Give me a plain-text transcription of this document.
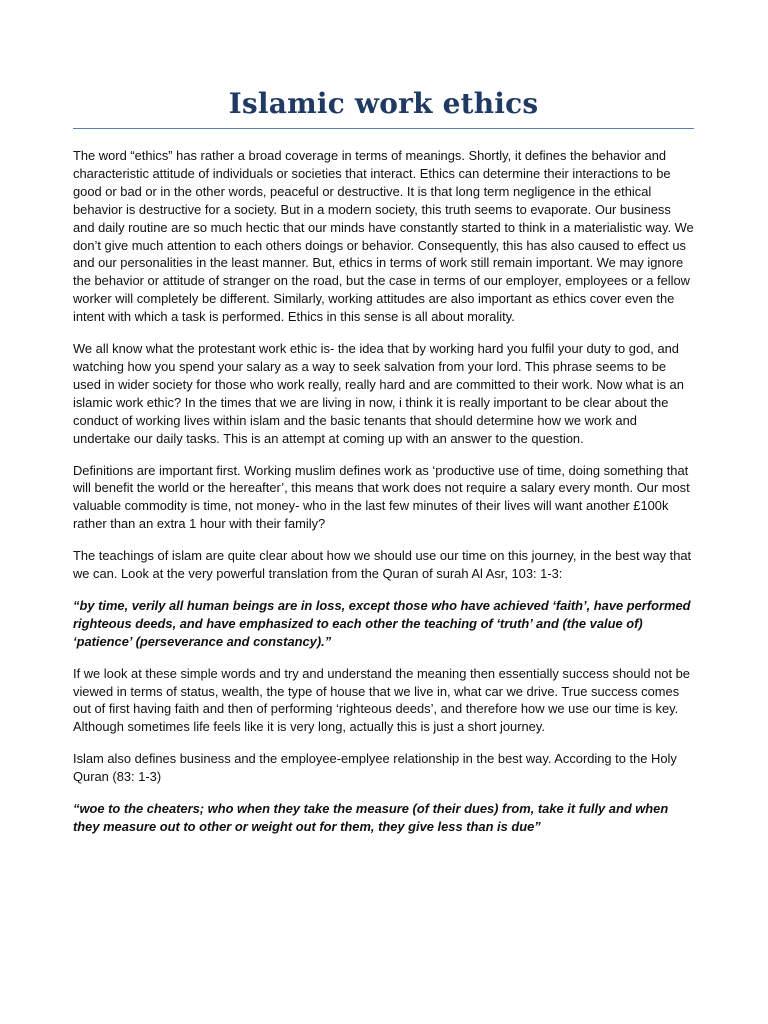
Islamic work ethics

The word “ethics” has rather a broad coverage in terms of meanings. Shortly, it defines the behavior and characteristic attitude of individuals or societies that interact. Ethics can determine their interactions to be good or bad or in the other words, peaceful or destructive. It is that long term negligence in the ethical behavior is destructive for a society. But in a modern society, this truth seems to evaporate. Our business and daily routine are so much hectic that our minds have constantly started to think in a materialistic way. We don’t give much attention to each others doings or behavior. Consequently, this has also caused to effect us and our personalities in the least manner. But, ethics in terms of work still remain important. We may ignore the behavior or attitude of stranger on the road, but the case in terms of our employer, employees or a fellow worker will completely be different. Similarly, working attitudes are also important as ethics cover even the intent with which a task is performed. Ethics in this sense is all about morality.

We all know what the protestant work ethic is- the idea that by working hard you fulfil your duty to god, and watching how you spend your salary as a way to seek salvation from your lord. This phrase seems to be used in wider society for those who work really, really hard and are committed to their work. Now what is an islamic work ethic? In the times that we are living in now, i think it is really important to be clear about the conduct of working lives within islam and the basic tenants that should determine how we work and undertake our daily tasks. This is an attempt at coming up with an answer to the question.

Definitions are important first. Working muslim defines work as ‘productive use of time, doing something that will benefit the world or the hereafter’, this means that work does not require a salary every month. Our most valuable commodity is time, not money- who in the last few minutes of their lives will want another £100k rather than an extra 1 hour with their family?

The teachings of islam are quite clear about how we should use our time on this journey, in the best way that we can. Look at the very powerful translation from the Quran of surah Al Asr, 103: 1-3:

“by time, verily all human beings are in loss, except those who have achieved ‘faith’, have performed righteous deeds, and have emphasized to each other the teaching of ‘truth’ and (the value of) ‘patience’ (perseverance and constancy).”

If we look at these simple words and try and understand the meaning then essentially success should not be viewed in terms of status, wealth, the type of house that we live in, what car we drive. True success comes out of first having faith and then of performing ‘righteous deeds’, and therefore how we use our time is key. Although sometimes life feels like it is very long, actually this is just a short journey.

Islam also defines business and the employee-emplyee relationship in the best way. According to the Holy Quran (83: 1-3)

“woe to the cheaters; who when they take the measure (of their dues) from, take it fully and when they measure out to other or weight out for them, they give less than is due”
